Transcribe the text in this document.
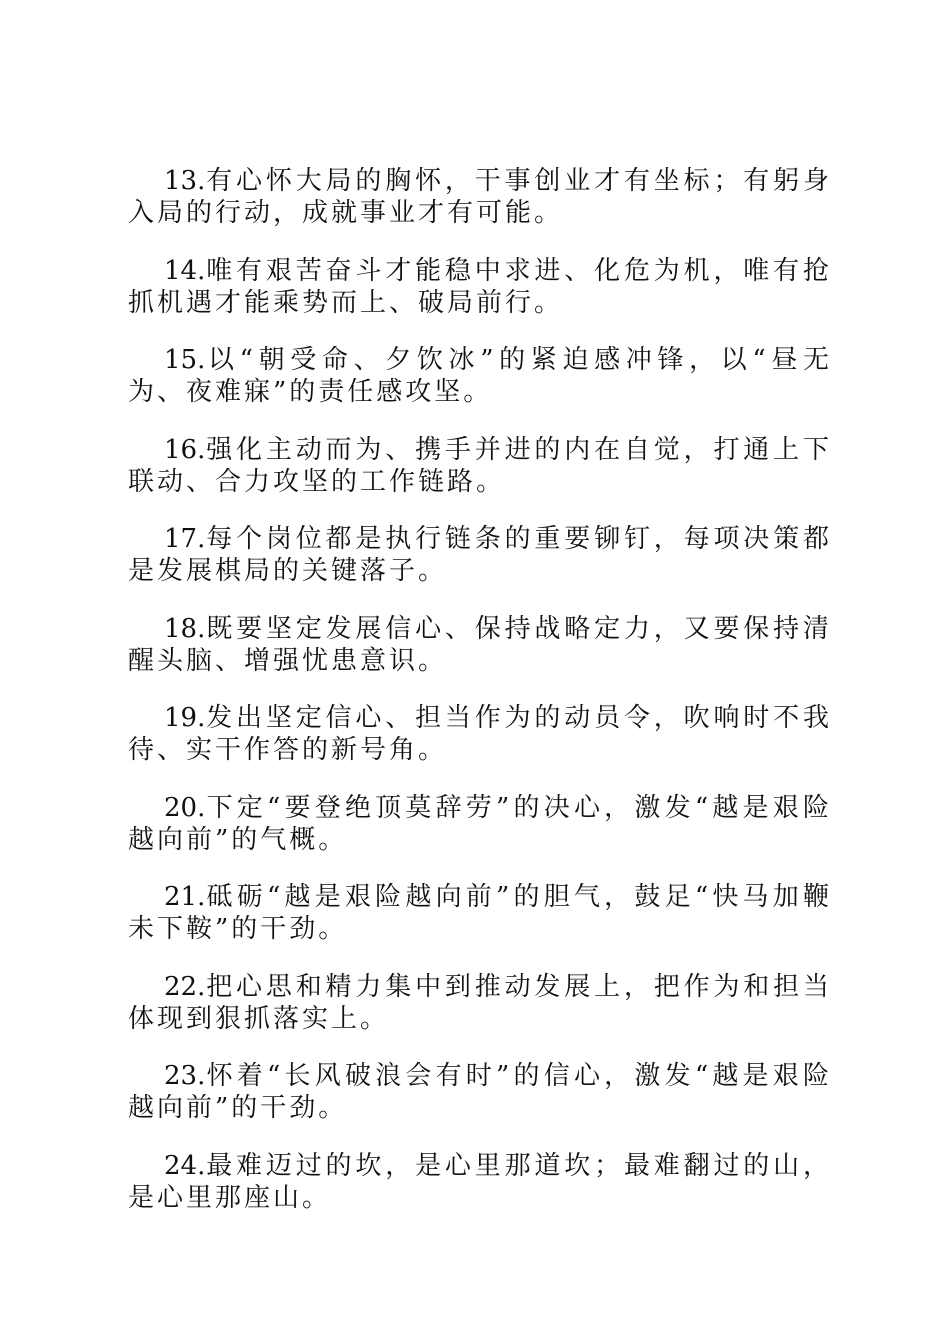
13.有心怀大局的胸怀，干事创业才有坐标；有躬身入局的行动，成就事业才有可能。

14.唯有艰苦奋斗才能稳中求进、化危为机，唯有抢抓机遇才能乘势而上、破局前行。

15.以“朝受命、夕饮冰”的紧迫感冲锋，以“昼无为、夜难寐”的责任感攻坚。

16.强化主动而为、携手并进的内在自觉，打通上下联动、合力攻坚的工作链路。

17.每个岗位都是执行链条的重要铆钉，每项决策都是发展棋局的关键落子。

18.既要坚定发展信心、保持战略定力，又要保持清醒头脑、增强忧患意识。

19.发出坚定信心、担当作为的动员令，吹响时不我待、实干作答的新号角。

20.下定“要登绝顶莫辞劳”的决心，激发“越是艰险越向前”的气概。

21.砥砺“越是艰险越向前”的胆气，鼓足“快马加鞭未下鞍”的干劲。

22.把心思和精力集中到推动发展上，把作为和担当体现到狠抓落实上。

23.怀着“长风破浪会有时”的信心，激发“越是艰险越向前”的干劲。

24.最难迈过的坎，是心里那道坎；最难翻过的山，是心里那座山。
